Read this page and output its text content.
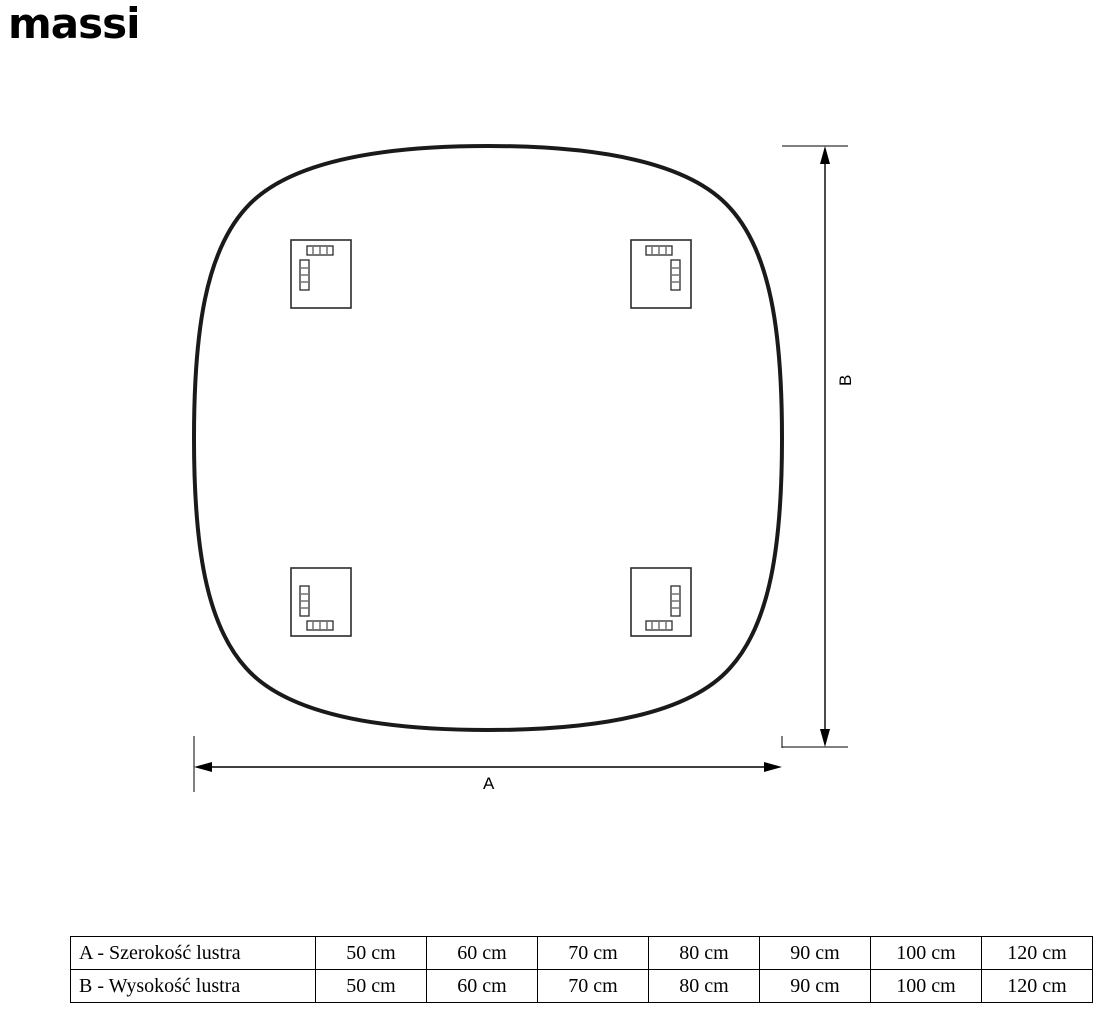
massi
A
B
A - Szerokość lustra	50 cm	60 cm	70 cm	80 cm	90 cm	100 cm	120 cm
B - Wysokość lustra	50 cm	60 cm	70 cm	80 cm	90 cm	100 cm	120 cm
